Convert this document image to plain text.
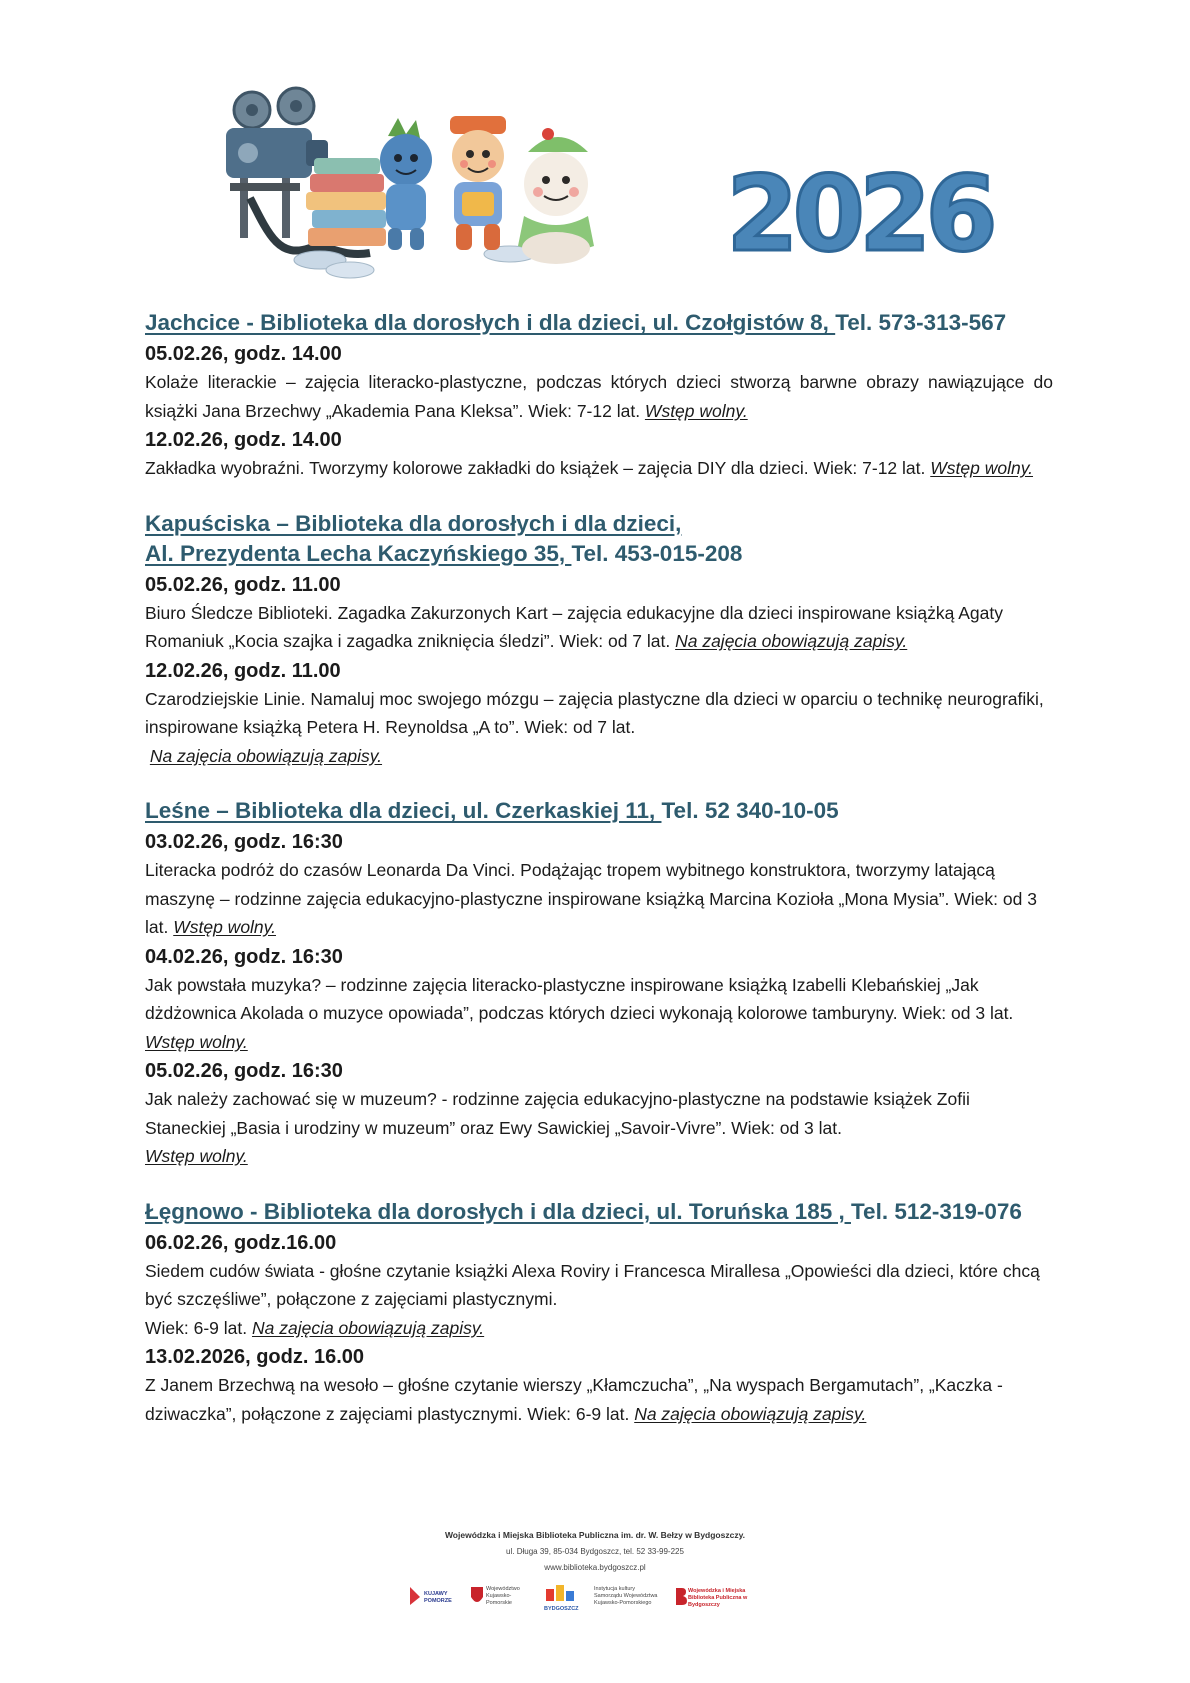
2026
Jachcice - Biblioteka dla dorosłych i dla dzieci, ul. Czołgistów 8, Tel. 573-313-567

05.02.26, godz. 14.00

Kolaże literackie – zajęcia literacko-plastyczne, podczas których dzieci stworzą barwne obrazy nawiązujące do książki Jana Brzechwy „Akademia Pana Kleksa”. Wiek: 7-12 lat. Wstęp wolny.

12.02.26, godz. 14.00

Zakładka wyobraźni. Tworzymy kolorowe zakładki do książek – zajęcia DIY dla dzieci. Wiek: 7-12 lat. Wstęp wolny.

Kapuściska – Biblioteka dla dorosłych i dla dzieci,
Al. Prezydenta Lecha Kaczyńskiego 35, Tel. 453-015-208

05.02.26, godz. 11.00

Biuro Śledcze Biblioteki. Zagadka Zakurzonych Kart – zajęcia edukacyjne dla dzieci inspirowane książką Agaty Romaniuk „Kocia szajka i zagadka zniknięcia śledzi”. Wiek: od 7 lat. Na zajęcia obowiązują zapisy.

12.02.26, godz. 11.00

Czarodziejskie Linie. Namaluj moc swojego mózgu – zajęcia plastyczne dla dzieci w oparciu o technikę neurografiki, inspirowane książką Petera H. Reynoldsa „A to”. Wiek: od 7 lat.
Na zajęcia obowiązują zapisy.

Leśne – Biblioteka dla dzieci, ul. Czerkaskiej 11, Tel. 52 340-10-05

03.02.26, godz. 16:30

Literacka podróż do czasów Leonarda Da Vinci. Podążając tropem wybitnego konstruktora, tworzymy latającą maszynę – rodzinne zajęcia edukacyjno-plastyczne inspirowane książką Marcina Kozioła „Mona Mysia”. Wiek: od 3 lat. Wstęp wolny.

04.02.26, godz. 16:30

Jak powstała muzyka? – rodzinne zajęcia literacko-plastyczne inspirowane książką Izabelli Klebańskiej „Jak dżdżownica Akolada o muzyce opowiada”, podczas których dzieci wykonają kolorowe tamburyny. Wiek: od 3 lat. Wstęp wolny.

05.02.26, godz. 16:30

Jak należy zachować się w muzeum? - rodzinne zajęcia edukacyjno-plastyczne na podstawie książek Zofii Staneckiej „Basia i urodziny w muzeum” oraz Ewy Sawickiej „Savoir-Vivre”. Wiek: od 3 lat.
Wstęp wolny.

Łęgnowo - Biblioteka dla dorosłych i dla dzieci, ul. Toruńska 185 , Tel. 512-319-076

06.02.26, godz.16.00

Siedem cudów świata - głośne czytanie książki Alexa Roviry i Francesca Mirallesa „Opowieści dla dzieci, które chcą być szczęśliwe”, połączone z zajęciami plastycznymi.
Wiek: 6-9 lat. Na zajęcia obowiązują zapisy.

13.02.2026, godz. 16.00

Z Janem Brzechwą na wesoło – głośne czytanie wierszy „Kłamczucha”, „Na wyspach Bergamutach”, „Kaczka -dziwaczka”, połączone z zajęciami plastycznymi. Wiek: 6-9 lat. Na zajęcia obowiązują zapisy.

Wojewódzka i Miejska Biblioteka Publiczna im. dr. W. Bełzy w Bydgoszczy.
ul. Długa 39, 85-034 Bydgoszcz, tel. 52 33-99-225
www.biblioteka.bydgoszcz.pl
KUJAWY POMORZE
Województwo Kujawsko-Pomorskie
BYDGOSZCZ
Instytucja kultury Samorządu Województwa Kujawsko-Pomorskiego
Wojewódzka i Miejska Biblioteka Publiczna w Bydgoszczy
